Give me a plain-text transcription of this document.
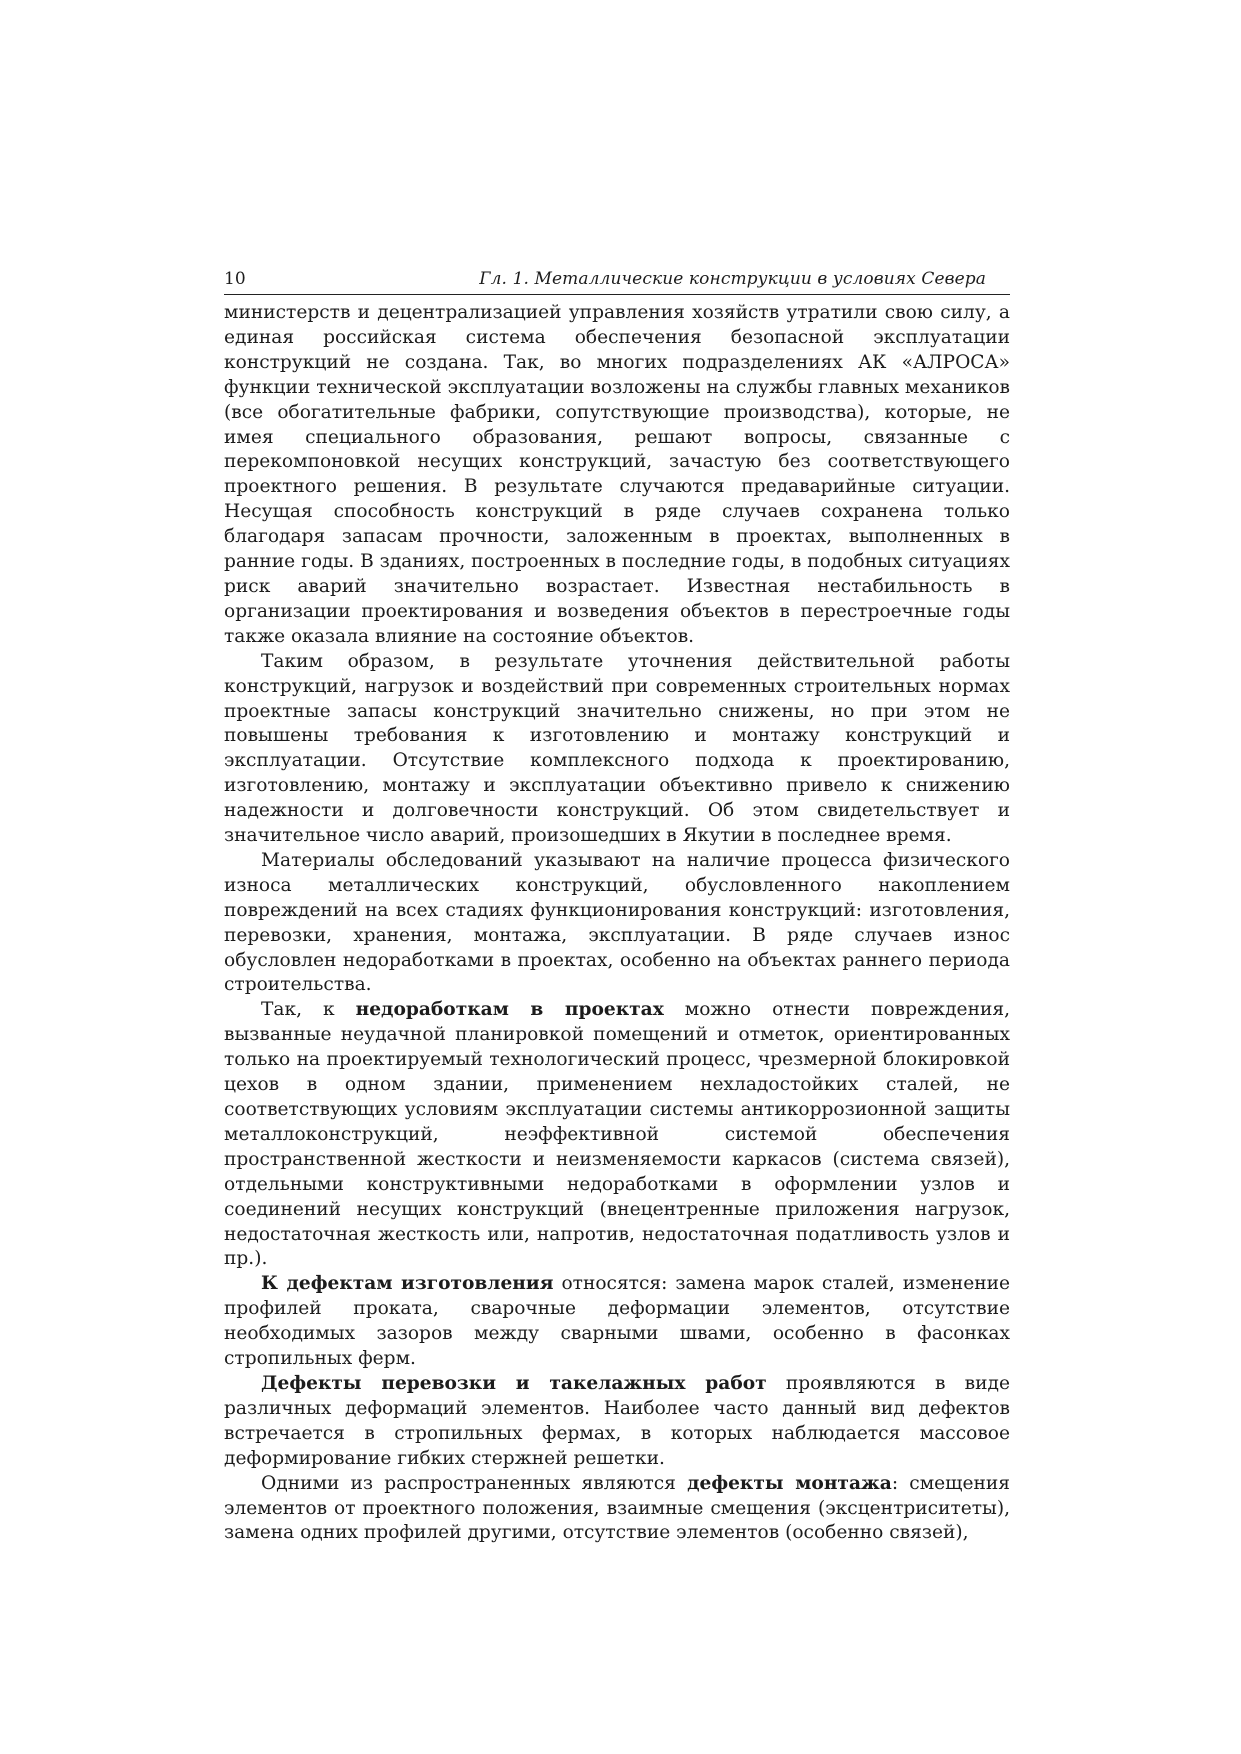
10	Гл. 1. Металлические конструкции в условиях Севера

министерств и децентрализацией управления хозяйств утратили свою силу, а единая российская система обеспечения безопасной эксплуатации конструкций не создана. Так, во многих подразделениях АК «АЛРОСА» функции технической эксплуатации возложены на службы главных механиков (все обогатительные фабрики, сопутствующие производства), которые, не имея специального образования, решают вопросы, связанные с перекомпоновкой несущих конструкций, зачастую без соответствующего проектного решения. В результате случаются предаварийные ситуации. Несущая способность конструкций в ряде случаев сохранена только благодаря запасам прочности, заложенным в проектах, выполненных в ранние годы. В зданиях, построенных в последние годы, в подобных ситуациях риск аварий значительно возрастает. Известная нестабильность в организации проектирования и возведения объектов в перестроечные годы также оказала влияние на состояние объектов.

Таким образом, в результате уточнения действительной работы конструкций, нагрузок и воздействий при современных строительных нормах проектные запасы конструкций значительно снижены, но при этом не повышены требования к изготовлению и монтажу конструкций и эксплуатации. Отсутствие комплексного подхода к проектированию, изготовлению, монтажу и эксплуатации объективно привело к снижению надежности и долговечности конструкций. Об этом свидетельствует и значительное число аварий, произошедших в Якутии в последнее время.

Материалы обследований указывают на наличие процесса физического износа металлических конструкций, обусловленного накоплением повреждений на всех стадиях функционирования конструкций: изготовления, перевозки, хранения, монтажа, эксплуатации. В ряде случаев износ обусловлен недоработками в проектах, особенно на объектах раннего периода строительства.

Так, к недоработкам в проектах можно отнести повреждения, вызванные неудачной планировкой помещений и отметок, ориентированных только на проектируемый технологический процесс, чрезмерной блокировкой цехов в одном здании, применением нехладостойких сталей, не соответствующих условиям эксплуатации системы антикоррозионной защиты металлоконструкций, неэффективной системой обеспечения пространственной жесткости и неизменяемости каркасов (система связей), отдельными конструктивными недоработками в оформлении узлов и соединений несущих конструкций (внецентренные приложения нагрузок, недостаточная жесткость или, напротив, недостаточная податливость узлов и пр.).

К дефектам изготовления относятся: замена марок сталей, изменение профилей проката, сварочные деформации элементов, отсутствие необходимых зазоров между сварными швами, особенно в фасонках стропильных ферм.

Дефекты перевозки и такелажных работ проявляются в виде различных деформаций элементов. Наиболее часто данный вид дефектов встречается в стропильных фермах, в которых наблюдается массовое деформирование гибких стержней решетки.

Одними из распространенных являются дефекты монтажа: смещения элементов от проектного положения, взаимные смещения (эксцентриситеты), замена одних профилей другими, отсутствие элементов (особенно связей),
